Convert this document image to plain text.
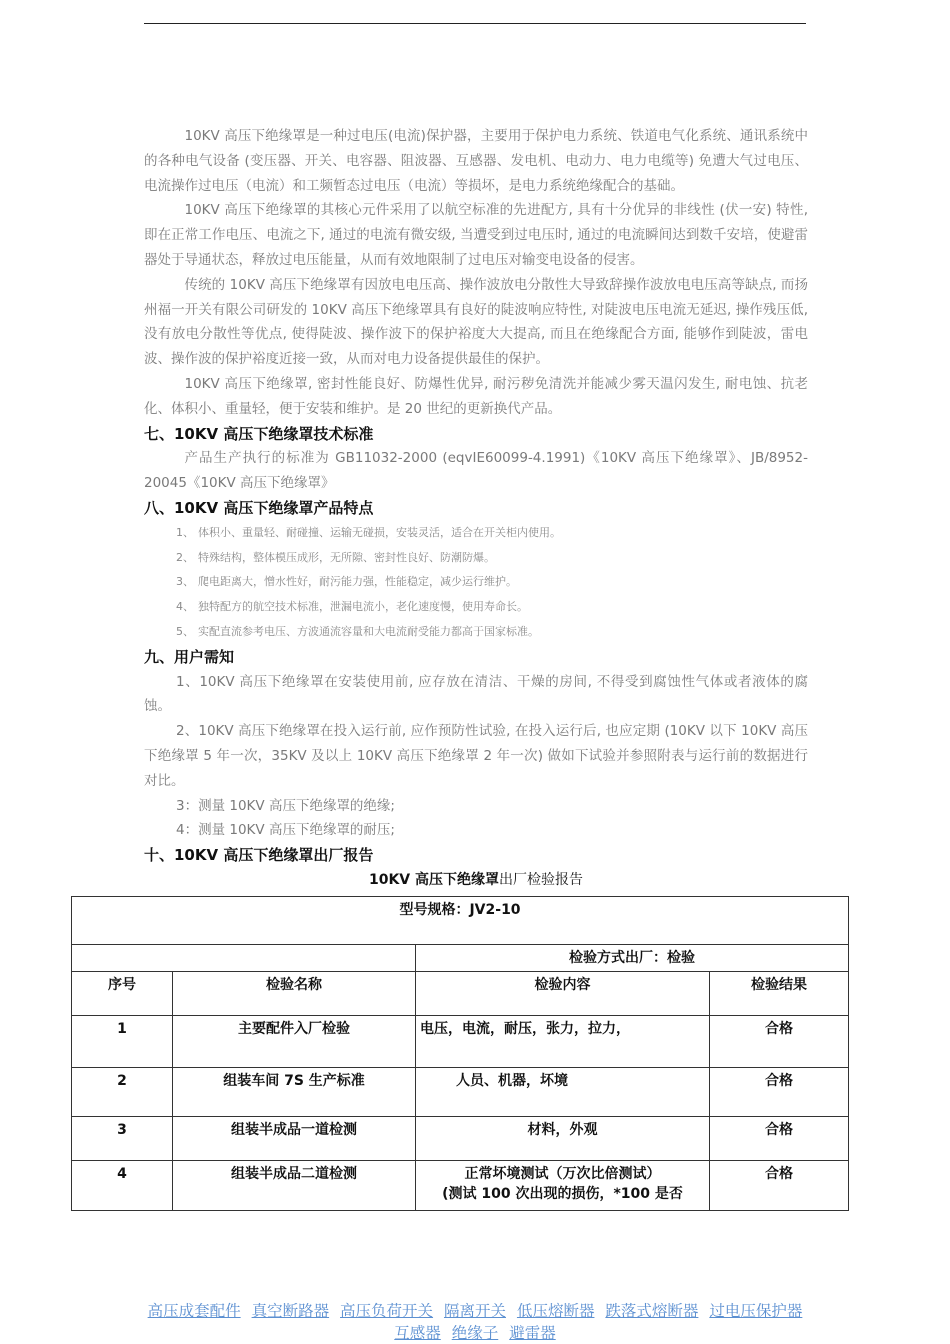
10KV 高压下绝缘罩是一种过电压(电流)保护器，主要用于保护电力系统、铁道电气化系统、通讯系统中的各种电气设备 (变压器、开关、电容器、阻波器、互感器、发电机、电动力、电力电缆等) 免遭大气过电压、电流操作过电压（电流）和工频暂态过电压（电流）等损坏，是电力系统绝缘配合的基础。

10KV 高压下绝缘罩的其核心元件采用了以航空标准的先进配方, 具有十分优异的非线性 (伏一安) 特性, 即在正常工作电压、电流之下, 通过的电流有微安级, 当遭受到过电压时, 通过的电流瞬间达到数千安培，使避雷器处于导通状态，释放过电压能量，从而有效地限制了过电压对输变电设备的侵害。

传统的 10KV 高压下绝缘罩有因放电电压高、操作波放电分散性大导致辞操作波放电电压高等缺点, 而扬州福一开关有限公司研发的 10KV 高压下绝缘罩具有良好的陡波响应特性, 对陡波电压电流无延迟, 操作残压低, 没有放电分散性等优点, 使得陡波、操作波下的保护裕度大大提高, 而且在绝缘配合方面, 能够作到陡波，雷电波、操作波的保护裕度近接一致，从而对电力设备提供最佳的保护。

10KV 高压下绝缘罩, 密封性能良好、防爆性优异, 耐污秽免清洗并能减少雾天温闪发生, 耐电蚀、抗老化、体积小、重量轻，便于安装和维护。是 20 世纪的更新换代产品。

七、10KV 高压下绝缘罩技术标准

产品生产执行的标准为 GB11032-2000 (eqvIE60099-4.1991)《10KV 高压下绝缘罩》、JB/8952-20045《10KV 高压下绝缘罩》

八、10KV 高压下绝缘罩产品特点

1、 体积小、重量轻、耐碰撞、运输无碰损，安装灵活，适合在开关柜内使用。

2、 特殊结构，整体模压成形，无所隙、密封性良好、防潮防爆。

3、 爬电距离大，憎水性好，耐污能力强，性能稳定，减少运行维护。

4、 独特配方的航空技术标准，泄漏电流小，老化速度慢，使用寿命长。

5、 实配直流参考电压、方波通流容量和大电流耐受能力都高于国家标准。

九、用户需知

1、10KV 高压下绝缘罩在安装使用前, 应存放在清洁、干燥的房间, 不得受到腐蚀性气体或者液体的腐蚀。

2、10KV 高压下绝缘罩在投入运行前, 应作预防性试验, 在投入运行后, 也应定期 (10KV 以下 10KV 高压下绝缘罩 5 年一次，35KV 及以上 10KV 高压下绝缘罩 2 年一次) 做如下试验并参照附表与运行前的数据进行对比。

3：测量 10KV 高压下绝缘罩的绝缘;

4：测量 10KV 高压下绝缘罩的耐压;

十、10KV 高压下绝缘罩出厂报告

10KV 高压下绝缘罩出厂检验报告

型号规格：JV2-10			
		检验方式出厂：检验	
序号	检验名称	检验内容	检验结果
1	主要配件入厂检验	电压，电流，耐压，张力，拉力，	合格
2	组装车间 7S 生产标准	人员、机器，坏境	合格
3	组装半成品一道检测	材料，外观	合格
4	组装半成品二道检测	正常坏境测试（万次比倍测试）
(测试 100 次出现的损伤，*100 是否	合格
高压成套配件 真空断路器 高压负荷开关 隔离开关 低压熔断器 跌落式熔断器 过电压保护器 互感器 绝缘子 避雷器
